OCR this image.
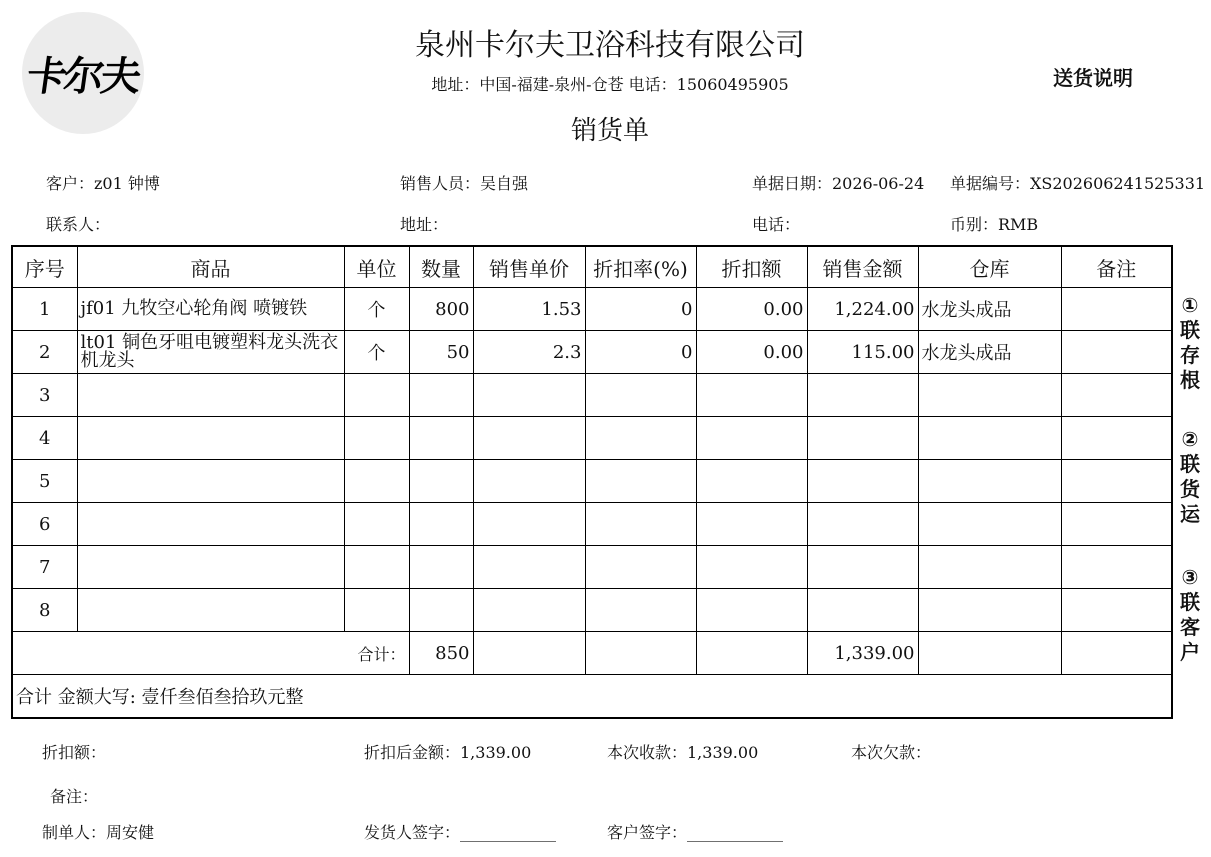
卡尔夫
泉州卡尔夫卫浴科技有限公司
地址：中国-福建-泉州-仓苍 电话：15060495905
销货单
送货说明
客户：z01 钟博	销售人员：吴自强	单据日期：2026-06-24 单据编号：XS202606241525331
联系人：	地址：	电话：	币别：RMB
序号	商品	单位	数量	销售单价	折扣率(%)	折扣额	销售金额	仓库	备注
1	jf01 九牧空心轮角阀 喷镀铁	个	800	1.53	0	0.00	1,224.00	水龙头成品	
2	lt01 铜色牙咀电镀塑料龙头洗衣机龙头	个	50	2.3	0	0.00	115.00	水龙头成品	
3									
4									
5									
6									
7									
8									
合计：			850				1,339.00		
合计 金额大写: 壹仟叁佰叁拾玖元整									
①联存根
②联货运
③联客户
折扣额：	折扣后金额：1,339.00	本次收款：1,339.00	本次欠款：
备注：
制单人：周安健	发货人签字：____________	客户签字：____________
